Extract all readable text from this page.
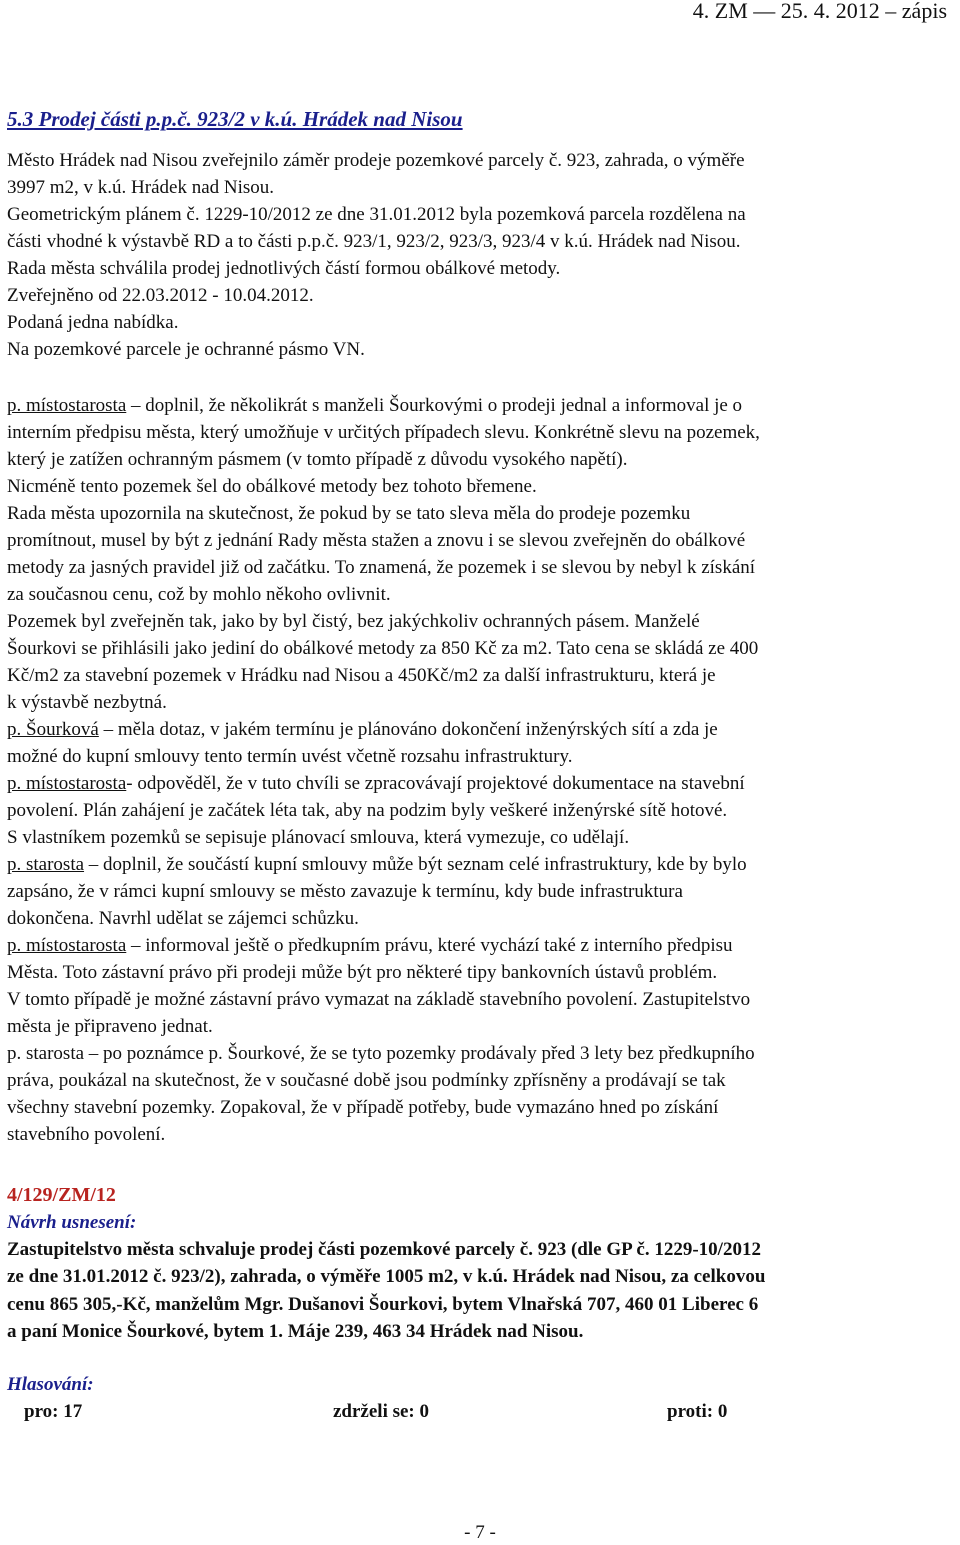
4. ZM — 25. 4. 2012 – zápis
5.3 Prodej části p.p.č. 923/2 v k.ú. Hrádek nad Nisou

Město Hrádek nad Nisou zveřejnilo záměr prodeje pozemkové parcely č. 923, zahrada, o výměře

3997 m2, v k.ú. Hrádek nad Nisou.

Geometrickým plánem č. 1229-10/2012 ze dne 31.01.2012 byla pozemková parcela rozdělena na

části vhodné k výstavbě RD a to části p.p.č. 923/1, 923/2, 923/3, 923/4 v k.ú. Hrádek nad Nisou.

Rada města schválila prodej jednotlivých částí formou obálkové metody.

Zveřejněno od 22.03.2012 - 10.04.2012.

Podaná jedna nabídka.

Na pozemkové parcele je ochranné pásmo VN.

p. místostarosta – doplnil, že několikrát s manželi Šourkovými o prodeji jednal a informoval je o

interním předpisu města, který umožňuje v určitých případech slevu. Konkrétně slevu na pozemek,

který je zatížen ochranným pásmem (v tomto případě z důvodu vysokého napětí).

Nicméně tento pozemek šel do obálkové metody bez tohoto břemene.

Rada města upozornila na skutečnost, že pokud by se tato sleva měla do prodeje pozemku

promítnout, musel by být z jednání Rady města stažen a znovu i se slevou zveřejněn do obálkové

metody za jasných pravidel již od začátku. To znamená, že pozemek i se slevou by nebyl k získání

za současnou cenu, což by mohlo někoho ovlivnit.

Pozemek byl zveřejněn tak, jako by byl čistý, bez jakýchkoliv ochranných pásem. Manželé

Šourkovi se přihlásili jako jediní do obálkové metody za 850 Kč za m2. Tato cena se skládá ze 400

Kč/m2 za stavební pozemek v Hrádku nad Nisou a 450Kč/m2 za další infrastrukturu, která je

k výstavbě nezbytná.

p. Šourková – měla dotaz, v jakém termínu je plánováno dokončení inženýrských sítí a zda je

možné do kupní smlouvy tento termín uvést včetně rozsahu infrastruktury.

p. místostarosta- odpověděl, že v tuto chvíli se zpracovávají projektové dokumentace na stavební

povolení. Plán zahájení je začátek léta tak, aby na podzim byly veškeré inženýrské sítě hotové.

S vlastníkem pozemků se sepisuje plánovací smlouva, která vymezuje, co udělají.

p. starosta – doplnil, že součástí kupní smlouvy může být seznam celé infrastruktury, kde by bylo

zapsáno, že v rámci kupní smlouvy se město zavazuje k termínu, kdy bude infrastruktura

dokončena. Navrhl udělat se zájemci schůzku.

p. místostarosta – informoval ještě o předkupním právu, které vychází také z interního předpisu

Města. Toto zástavní právo při prodeji může být pro některé tipy bankovních ústavů problém.

V tomto případě je možné zástavní právo vymazat na základě stavebního povolení. Zastupitelstvo

města je připraveno jednat.

p. starosta – po poznámce p. Šourkové, že se tyto pozemky prodávaly před 3 lety bez předkupního

práva, poukázal na skutečnost, že v současné době jsou podmínky zpřísněny a prodávají se tak

všechny stavební pozemky. Zopakoval, že v případě potřeby, bude vymazáno hned po získání

stavebního povolení.

4/129/ZM/12
Návrh usnesení:

Zastupitelstvo města schvaluje prodej části pozemkové parcely č. 923 (dle GP č. 1229-10/2012

ze dne 31.01.2012 č. 923/2), zahrada, o výměře 1005 m2, v k.ú. Hrádek nad Nisou, za celkovou

cenu 865 305,-Kč, manželům Mgr. Dušanovi Šourkovi, bytem Vlnařská 707, 460 01 Liberec 6

a paní Monice Šourkové, bytem 1. Máje 239, 463 34 Hrádek nad Nisou.

Hlasování:
pro: 17	zdrželi se: 0	proti: 0
- 7 -
